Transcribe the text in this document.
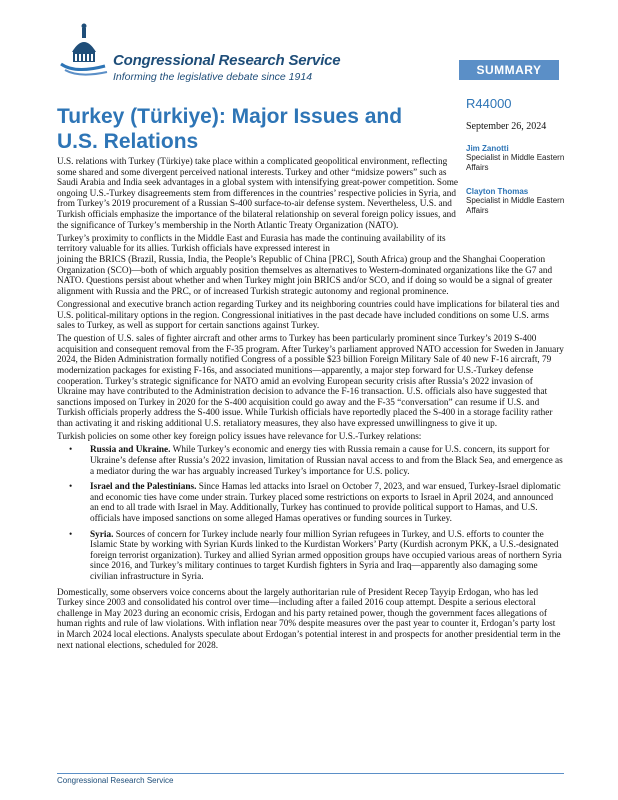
Congressional Research Service
Informing the legislative debate since 1914	SUMMARY
Turkey (Türkiye): Major Issues and U.S. Relations
R44000
September 26, 2024
Jim Zanotti
Specialist in Middle Eastern Affairs
Clayton Thomas
Specialist in Middle Eastern Affairs

U.S. relations with Turkey (Türkiye) take place within a complicated geopolitical environment, reflecting some shared and some divergent perceived national interests. Turkey and other “midsize powers” such as Saudi Arabia and India seek advantages in a global system with intensifying great-power competition. Some ongoing U.S.-Turkey disagreements stem from differences in the countries’ respective policies in Syria, and from Turkey’s 2019 procurement of a Russian S-400 surface-to-air defense system. Nevertheless, U.S. and Turkish officials emphasize the importance of the bilateral relationship on several foreign policy issues, and the significance of Turkey’s membership in the North Atlantic Treaty Organization (NATO).

Turkey’s proximity to conflicts in the Middle East and Eurasia has made the continuing availability of its territory valuable for its allies. Turkish officials have expressed interest in
joining the BRICS (Brazil, Russia, India, the People’s Republic of China [PRC], South Africa) group and the Shanghai Cooperation Organization (SCO)—both of which arguably position themselves as alternatives to Western-dominated organizations like the G7 and NATO. Questions persist about whether and when Turkey might join BRICS and/or SCO, and if doing so would be a signal of greater alignment with Russia and the PRC, or of increased Turkish strategic autonomy and regional prominence.

Congressional and executive branch action regarding Turkey and its neighboring countries could have implications for bilateral ties and U.S. political-military options in the region. Congressional initiatives in the past decade have included conditions on some U.S. arms sales to Turkey, as well as support for certain sanctions against Turkey.

The question of U.S. sales of fighter aircraft and other arms to Turkey has been particularly prominent since Turkey’s 2019 S-400 acquisition and consequent removal from the F-35 program. After Turkey’s parliament approved NATO accession for Sweden in January 2024, the Biden Administration formally notified Congress of a possible $23 billion Foreign Military Sale of 40 new F-16 aircraft, 79 modernization packages for existing F-16s, and associated munitions—apparently, a major step forward for U.S.-Turkey defense cooperation. Turkey’s strategic significance for NATO amid an evolving European security crisis after Russia’s 2022 invasion of Ukraine may have contributed to the Administration decision to advance the F-16 transaction. U.S. officials also have suggested that sanctions imposed on Turkey in 2020 for the S-400 acquisition could go away and the F-35 “conversation” can resume if U.S. and Turkish officials properly address the S-400 issue. While Turkish officials have reportedly placed the S-400 in a storage facility rather than activating it and risking additional U.S. retaliatory measures, they also have expressed unwillingness to give it up.

Turkish policies on some other key foreign policy issues have relevance for U.S.-Turkey relations:

• Russia and Ukraine. While Turkey’s economic and energy ties with Russia remain a cause for U.S. concern, its support for Ukraine’s defense after Russia’s 2022 invasion, limitation of Russian naval access to and from the Black Sea, and emergence as a mediator during the war has arguably increased Turkey’s importance for U.S. policy.
• Israel and the Palestinians. Since Hamas led attacks into Israel on October 7, 2023, and war ensued, Turkey-Israel diplomatic and economic ties have come under strain. Turkey placed some restrictions on exports to Israel in April 2024, and announced an end to all trade with Israel in May. Additionally, Turkey has continued to provide political support to Hamas, and U.S. officials have imposed sanctions on some alleged Hamas operatives or funding sources in Turkey.
• Syria. Sources of concern for Turkey include nearly four million Syrian refugees in Turkey, and U.S. efforts to counter the Islamic State by working with Syrian Kurds linked to the Kurdistan Workers’ Party (Kurdish acronym PKK, a U.S.-designated foreign terrorist organization). Turkey and allied Syrian armed opposition groups have occupied various areas of northern Syria since 2016, and Turkey’s military continues to target Kurdish fighters in Syria and Iraq—apparently also damaging some civilian infrastructure in Syria.

Domestically, some observers voice concerns about the largely authoritarian rule of President Recep Tayyip Erdogan, who has led Turkey since 2003 and consolidated his control over time—including after a failed 2016 coup attempt. Despite a serious electoral challenge in May 2023 during an economic crisis, Erdogan and his party retained power, though the government faces allegations of human rights and rule of law violations. With inflation near 70% despite measures over the past year to counter it, Erdogan’s party lost in March 2024 local elections. Analysts speculate about Erdogan’s potential interest in and prospects for another presidential term in the next national elections, scheduled for 2028.

Congressional Research Service
